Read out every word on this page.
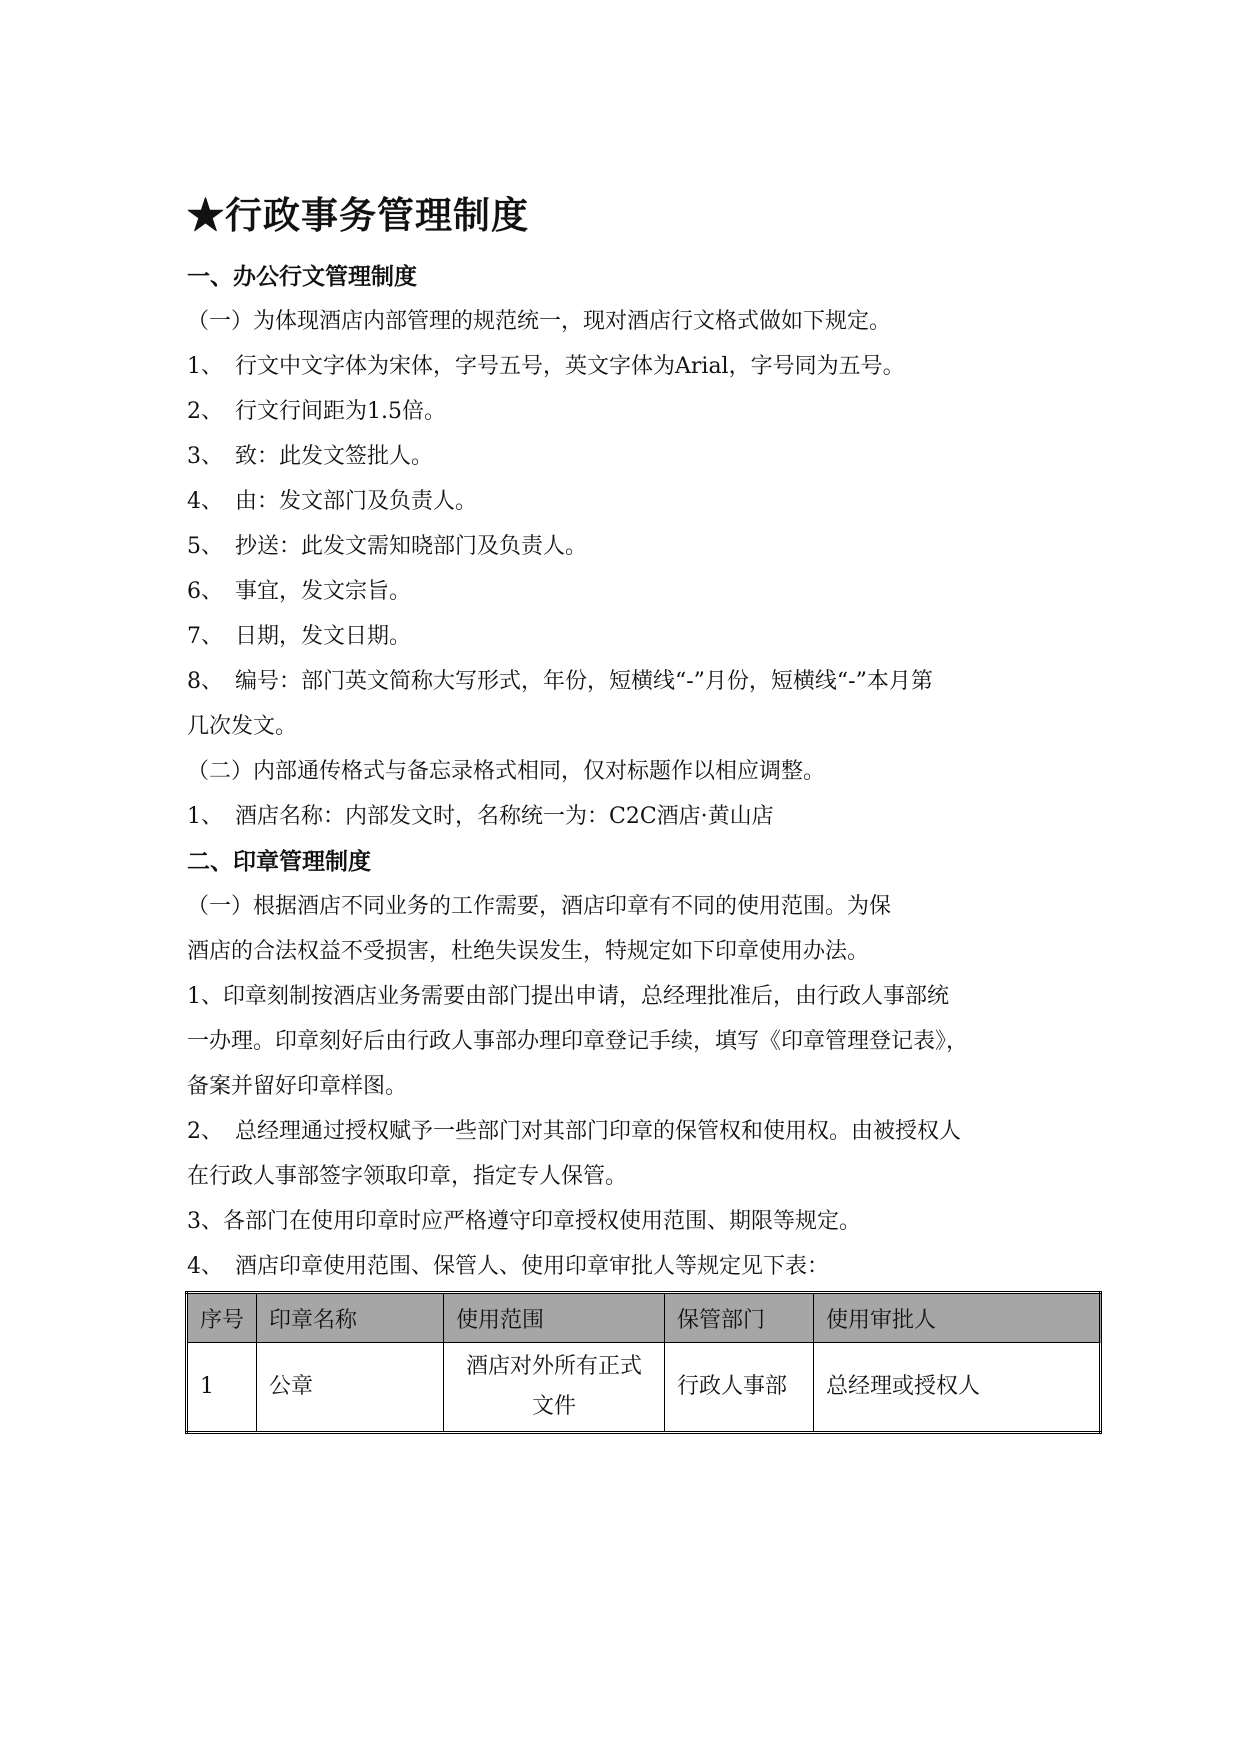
★行政事务管理制度
一、办公行文管理制度
（一）为体现酒店内部管理的规范统一，现对酒店行文格式做如下规定。
1、 行文中文字体为宋体，字号五号，英文字体为Arial，字号同为五号。
2、 行文行间距为1.5倍。
3、 致：此发文签批人。
4、 由：发文部门及负责人。
5、 抄送：此发文需知晓部门及负责人。
6、 事宜，发文宗旨。
7、 日期，发文日期。
8、 编号：部门英文简称大写形式，年份，短横线“-”月份，短横线“-”本月第
几次发文。
（二）内部通传格式与备忘录格式相同，仅对标题作以相应调整。
1、 酒店名称：内部发文时，名称统一为：C2C酒店·黄山店
二、印章管理制度
（一）根据酒店不同业务的工作需要，酒店印章有不同的使用范围。为保
酒店的合法权益不受损害，杜绝失误发生，特规定如下印章使用办法。
1、印章刻制按酒店业务需要由部门提出申请，总经理批准后，由行政人事部统
一办理。印章刻好后由行政人事部办理印章登记手续，填写《印章管理登记表》，
备案并留好印章样图。
2、 总经理通过授权赋予一些部门对其部门印章的保管权和使用权。由被授权人
在行政人事部签字领取印章，指定专人保管。
3、各部门在使用印章时应严格遵守印章授权使用范围、期限等规定。
4、 酒店印章使用范围、保管人、使用印章审批人等规定见下表：
序号	印章名称	使用范围	保管部门	使用审批人
1	公章	酒店对外所有正式
文件	行政人事部	总经理或授权人
